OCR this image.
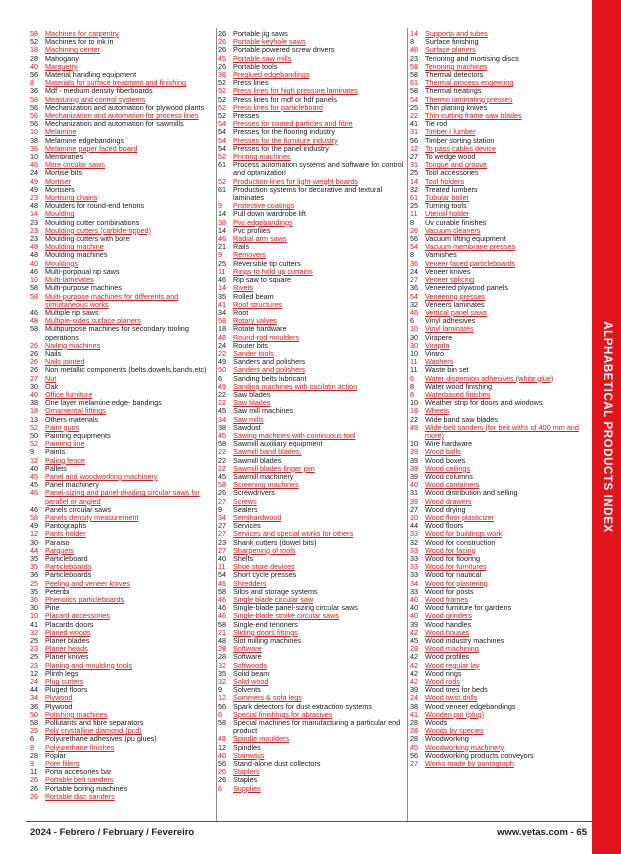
58 Machines for carpentry
52 Machines for to ink in
18 Machining center
28 Mahogany
40 Marquetry
56 Material handling equipment
8	Materials for surface treatment and finishing
36 Mdf - medium density fiberboards
58 Measuring and control systems
56 Mechanization and automation for plywood plants
56 Mechanization and automation for process lines
56 Mechanization and automation for sawmills
10 Melamine
38 Melamine edgebandings
36 Melamine paper faced board
10 Membranes
46 Mitre circular saws
24 Mortise bits
49 Mortiser
49 Mortisers
23 Mortising chains
48 Moulders for round-end tenons
14 Moulding
23 Moulding cutter combinations
23 Moulding cutters (carbide-tipped)
23 Moulding cutters with bore
48 Moulding machine
48 Moulding machines
40 Mouldings
46 Multi-porpoual rip saws
10 Multi-laminates
58 Multi-purpose machines
58 Multi-purpose machines for differents and simultaneous works
46 Multiple rip saws
48 Multiple-sides surface planers
58 Multipurpose machines for secondary tooling operations
26 Nailing machines
26 Nails
26 Nails jointed
26 Non metallic components (belts,dowels,bands,etc)
27 Nut
30 Oak
40 Office furniture
38 One layer melamine edge- bandings
18 Ornamental fittings
13 Others materials
52 Paint guns
50 Painting equipments
52 Painting line
9	Paints
12 Paling fence
40 Pallets
45 Panel and woodworking machinery
45 Panel machinery
46 Panel-sizing and panel-dividing circular saws for parallel or angled
46 Panels circular saws
58 Panels density measurement
49 Pantographs
12 Pants holder
30 Paraiso
44 Parquets
35 Particleboard
35 Particleboards
36 Particleboards
25 Peeling and veneer knives
35 Peteribi
36 Phenolics particleboards
30 Pine
10 Placard accessories
41 Placards doors
32 Planed woods
25 Planer blades
23 Planer heads
25 Planer knives
23 Planing and moulding tools
12 Plinth legs
24 Plug cutters
44 Pluged floors
34 Plywood
36 Plywood
50 Polishing machines
58 Pollutants and fibre separators
25 Poly crystalline diamond (pcd)
6	Polyurethane adhesives (pu glues)
8	Polyurethane finishes
28 Poplar
9	Pore fillers
11	Porta accesories bar
26 Portable belt sanders
26 Portable boring machines
26 Portable disc sanders
26 Portable jig saws
26 Portable keyhole saws
26 Portable powered screw drivers
45 Portable saw mills
26 Portable tools
38 Preglued edgebandings
52 Press lines
52 Press lines for high pressure laminates
52 Press lines for mdf or hdf panels
52 Press lines for particleboard
52 Presses
54 Presses for coated particles and fibre
54 Presses for the flooring industry
54 Presses for the furniture industry
54 Presses for the panel industry
52 Printing machines
61 Process automation systems and software for control and optimization
52 Production lines for light-weight boards
61 Production systems for decorative and textural laminates
9	Protective coatings
14 Pull down wardrobe lift
38 Pvc edgebandings
14 Pvc profiles
46 Radial arm saws
21 Rails
9	Removers
25 Reversible tip cutters
11	Rings to hold up curtains
46 Rip saw to square
14 Rivets
35 Rolled beam
41 Roof structures
34 Root
58 Rotary valves
18 Rotate hardware
48 Round-rod moulders
24 Router bits
22 Sander tools
49 Sanders and polishers
50 Sanders and polishers
6	Sanding belts lubricant
49 Sanding machines with oscilatin action
22 Saw blades
22 Saw blades
45 Saw mill machines
34 Saw mills
38 Sawdust
45 Sawing machines with continuous tool
58 Sawmill auxiliary equipment
22 Sawmill band blades,
22 Sawmill blades
22 Sawmill blades finger join
45 Sawmill machinery
58 Screening machines
26 Screwdrivers
27 Screws
9	Sealers
34 Semihardwood
27 Services
27 Services and special works for others
23 Shank cutters (dowel bits)
27 Sharpening of tools
40 Shelfs
11	Shoe store devices
54 Short cycle presses
45 Shredders
58 Silos and storage systems
46 Single blade circular saw
46 Single-blade panel-sizing circular saws
46 Single-blade stroke circular saws
58 Single-end tenoners
21 Sliding doors fittings
48 Slot milling machines
28 Software
28 Software
32 Softwoods
35 Solid beam
32 Solid wood
9	Solvents
12 Sommers & sofa legs
56 Spark detectors for dust extraction systems
6	Special finishings for abrasives
58 Special machines for manufacturing a particular end product
48 Spindle moulders
12 Spindles
40 Stairways
56 Stand-alone dust collectors
26 Staplers
26 Staples
6	Supplies
14 Supports and tubes
8	Surface finishing
48 Surface planers
23 Tenoning and mortising discs
58 Tenoning machines
58 Thermal detectors
61 Thermal process engeering
58 Thermal treatings
54 Thermo laminating presses
25 Thin planing knives
22 Thin-cutting frame saw blades
41 Tie rod
31 Timber / lumber
56 Timber sorting station
12 To pass cables device
27 To wedge wood
31 Tongue and groove
25 Tool accessories
14 Tool holders
32 Treated lumbers
61 Tubular boiler
25 Turning tools
11	Utensil holder
8	Uv curable finishes
26 Vacuum cleaners
56 Vacuum lifting equipment
54 Vacuum membrane presses
8	Varnishes
36 Veneer faced particleboards
24 Veneer knives
27 Veneer splicing
36 Veneered plywood panels
54 Veneering presses
32 Veneers laminates
46 Vertical panel saws
6	Vinyl adhesives
10 Vinyl laminates
30 Virapere
30 Virapita
10 Viraro
11	Washers
11	Waste bin set
6	Water dispersion adhesives (white glue)
8	Water wood finishing
8	Waterbased finishes
10 Weather strip for doors and windows
18 Wheels
22 Wide band saw blades
49 Wide-belt sanders (for belt withs of 400 mm and more)
10 Wire hardware
39 Wood balls
39 Wood boxes
39 Wood ceilings
39 Wood columns
40 Wood containers
31 Wood distribution and selling
39 Wood drawers
27 Wood drying
10 Wood floor plasticizer
44 Wood floors
33 Wood for buildings work
32 Wood for construction
33 Wood for facing
33 Wood for flooring
33 Wood for furnitures
33 Wood for nautical
34 Wood for plastering
33 Wood for posts
40 Wood frames
40 Wood furniture for gardens
40 Wood grinders
39 Wood handles
42 Wood houses
45 Wood industry machines
28 Wood machining
42 Wood profiles
42 Wood regular lay
42 Wood rings
42 Wood rods
39 Wood tires for beds
24 Wood twist drills
38 Wood veneer edgebandings
41 Wooden pin (plug)
28 Woods
28 Woods by species
28 Woodworking
45 Woodworking machinery
56 Woodworking products conveyors
27 Works made by pantograph
ALPHABETICAL PRODUCTS INDEX
2024 - Febrero / February / Fevereiro	www.vetas.com - 65
